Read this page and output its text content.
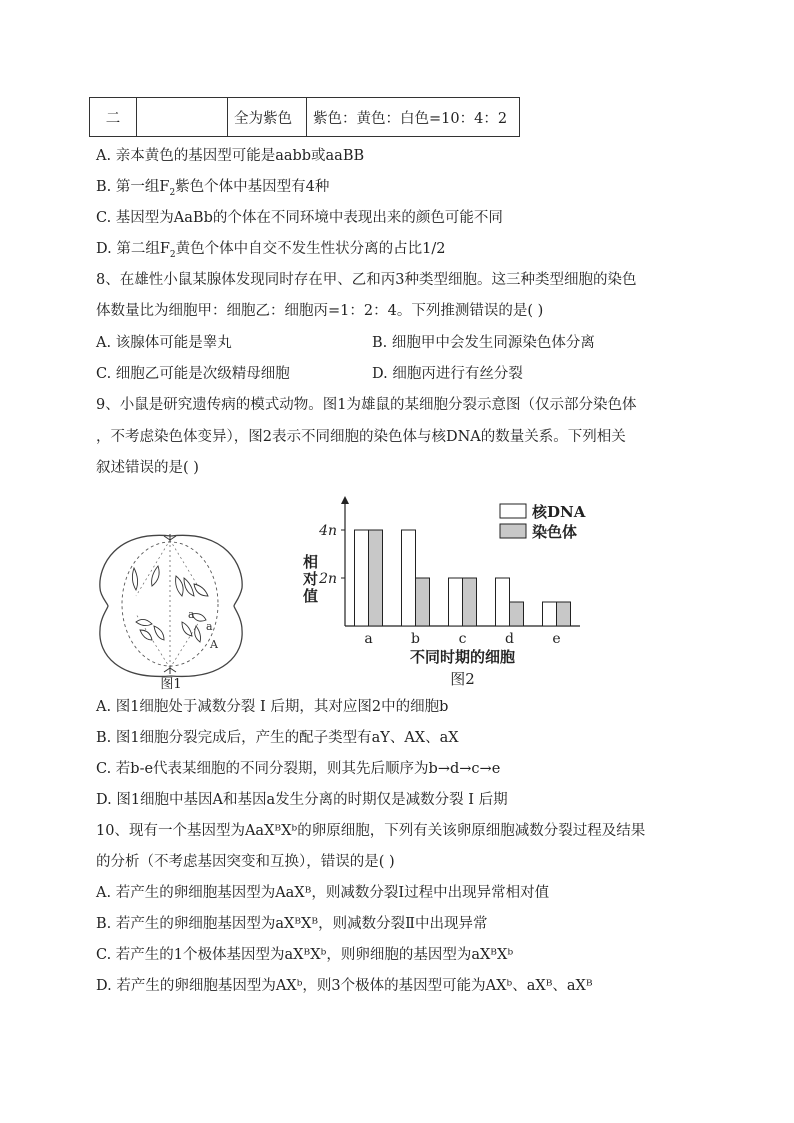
二		全为紫色	紫色：黄色：白色=10：4：2
A. 亲本黄色的基因型可能是aabb或aaBB
B. 第一组$F_2$紫色个体中基因型有4种
C. 基因型为AaBb的个体在不同环境中表现出来的颜色可能不同
D. 第二组$F_2$黄色个体中自交不发生性状分离的占比1/2
8、在雄性小鼠某腺体发现同时存在甲、乙和丙3种类型细胞。这三种类型细胞的染色
体数量比为细胞甲：细胞乙：细胞丙=1：2：4。下列推测错误的是( )
A. 该腺体可能是睾丸	B. 细胞甲中会发生同源染色体分离
C. 细胞乙可能是次级精母细胞	D. 细胞丙进行有丝分裂
9、小鼠是研究遗传病的模式动物。图1为雄鼠的某细胞分裂示意图（仅示部分染色体
，不考虑染色体变异），图2表示不同细胞的染色体与核DNA的数量关系。下列相关
叙述错误的是( )
a
a
A
图1
2n
4n
相对值
a	b	c	d	e
不同时期的细胞
图2
核DNA
染色体
A. 图1细胞处于减数分裂 I 后期，其对应图2中的细胞b
B. 图1细胞分裂完成后，产生的配子类型有aY、AX、aX
C. 若b-e代表某细胞的不同分裂期，则其先后顺序为b→d→c→e
D. 图1细胞中基因A和基因a发生分离的时期仅是减数分裂 I 后期
10、现有一个基因型为AaXᴮXᵇ的卵原细胞，下列有关该卵原细胞减数分裂过程及结果
的分析（不考虑基因突变和互换），错误的是( )
A. 若产生的卵细胞基因型为AaXᴮ，则减数分裂Ⅰ过程中出现异常相对值
B. 若产生的卵细胞基因型为aXᴮXᴮ，则减数分裂Ⅱ中出现异常
C. 若产生的1个极体基因型为aXᴮXᵇ，则卵细胞的基因型为aXᴮXᵇ
D. 若产生的卵细胞基因型为AXᵇ，则3个极体的基因型可能为AXᵇ、aXᴮ、aXᴮ
